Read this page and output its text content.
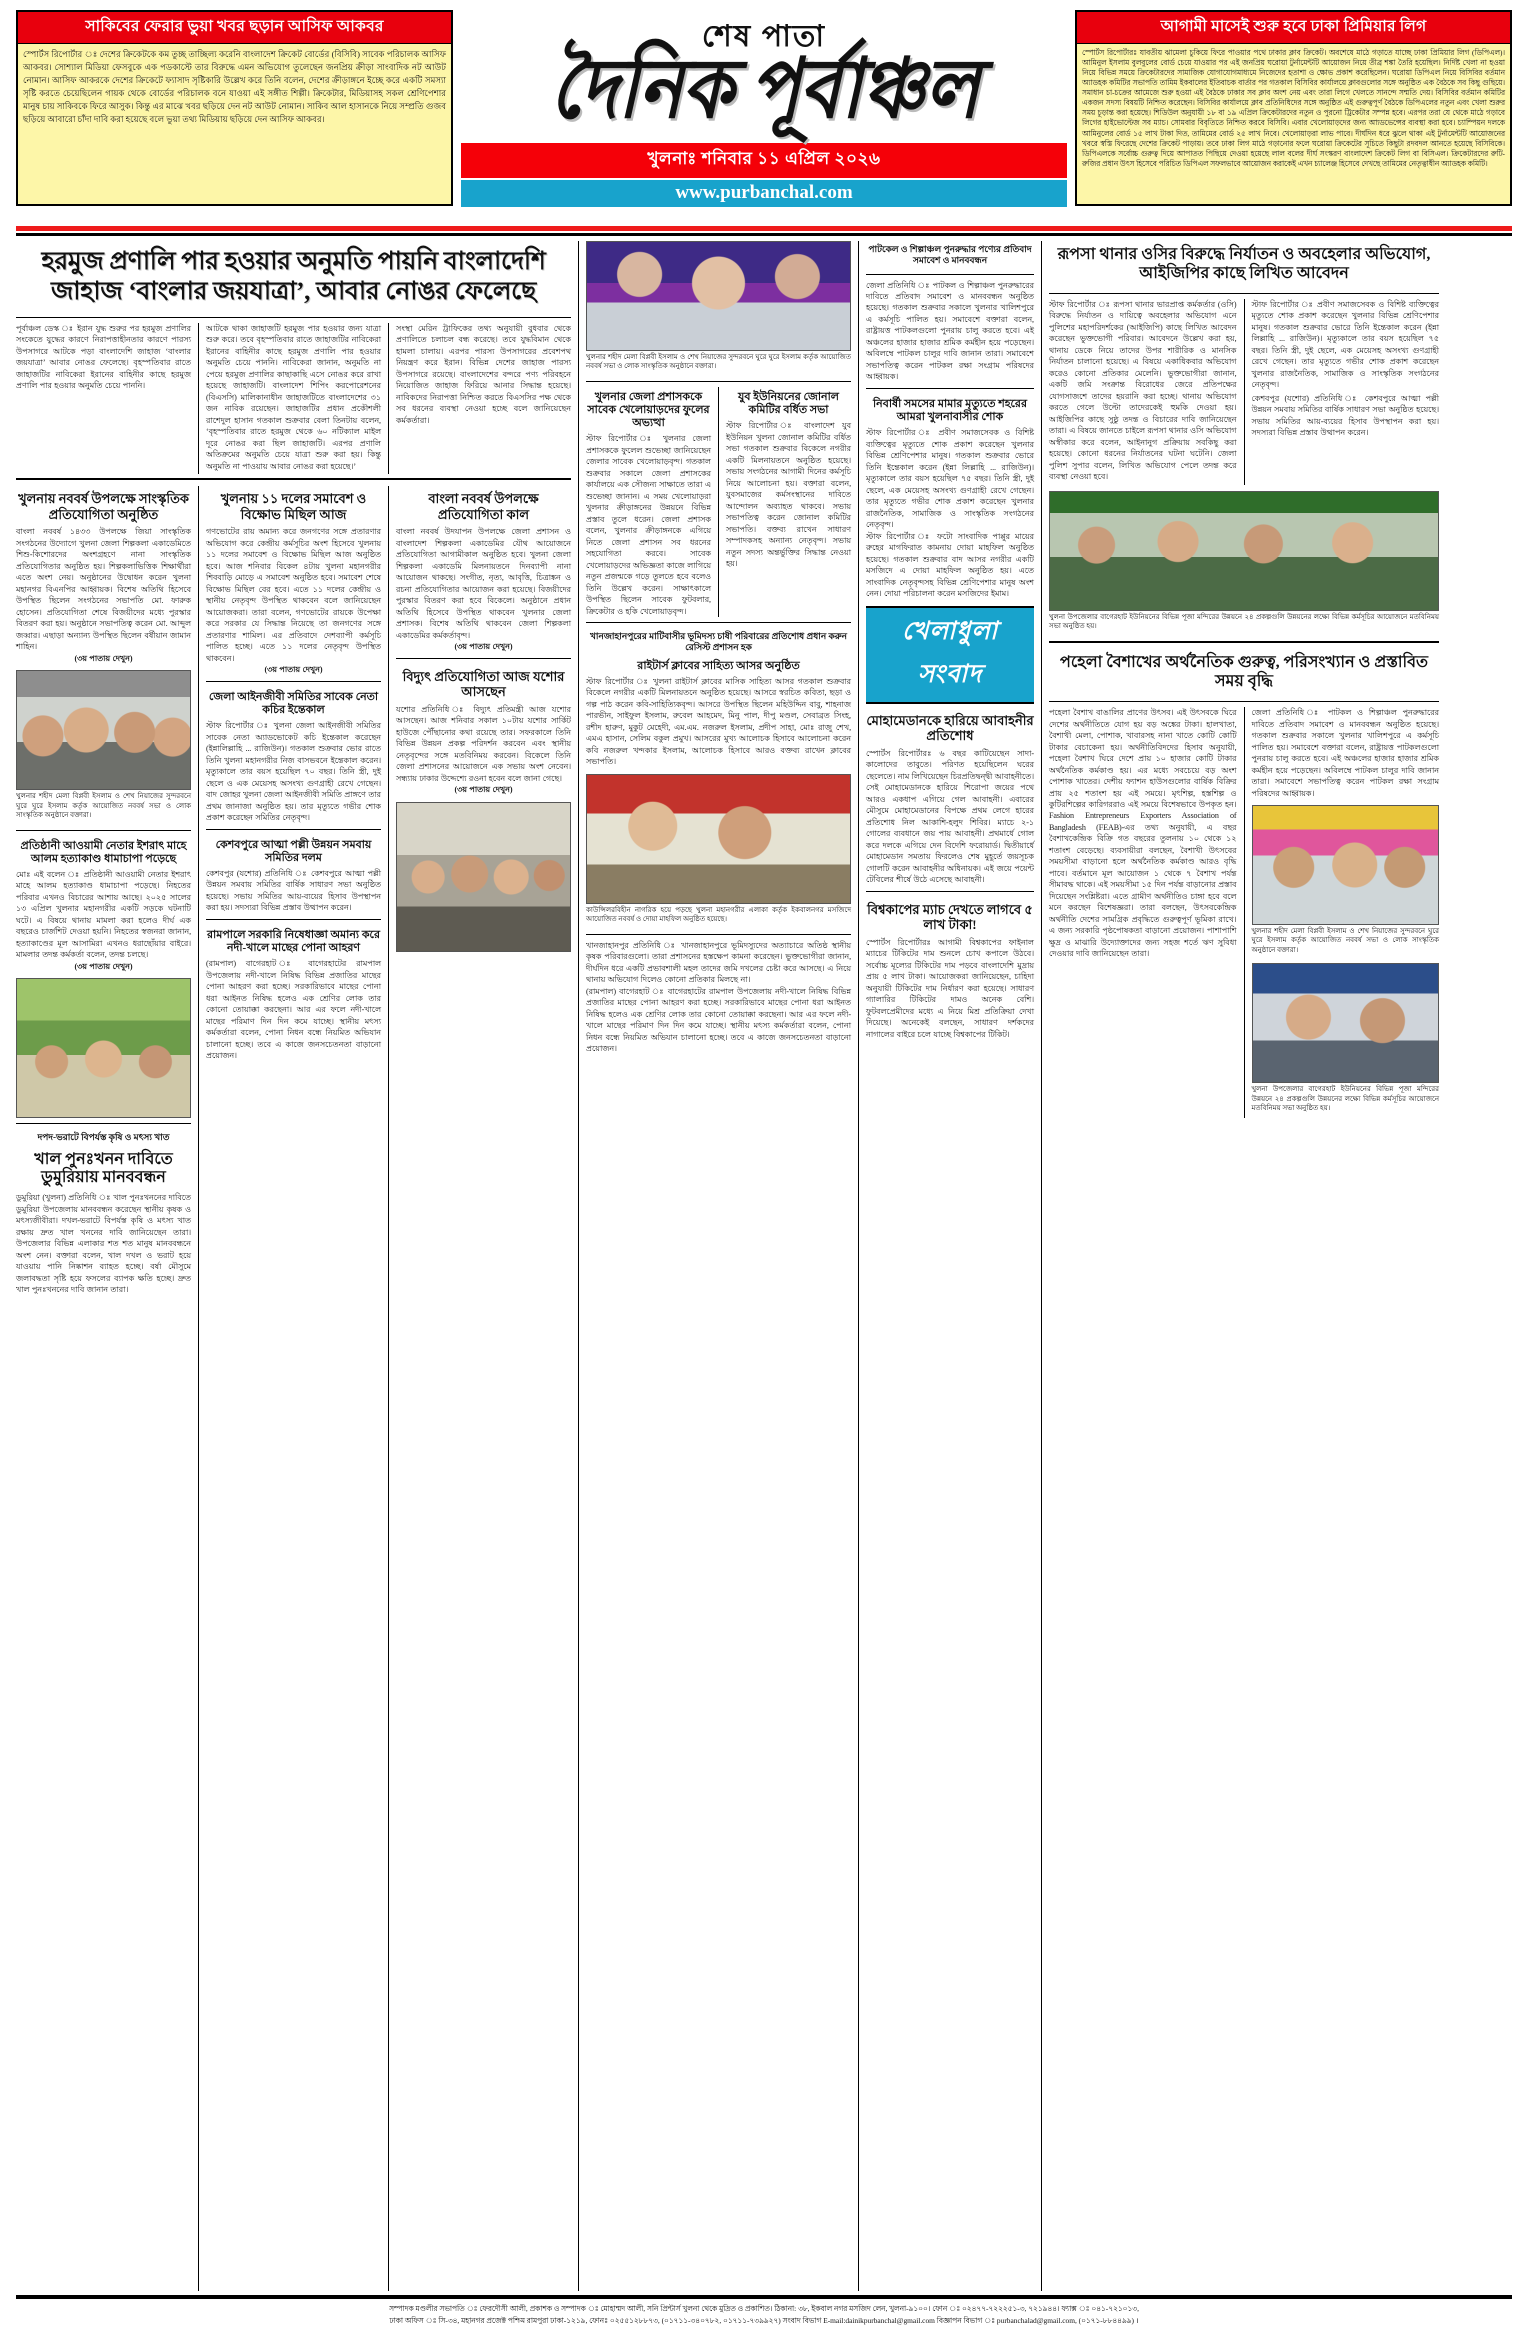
সাকিবের ফেরার ভুয়া খবর ছড়ান আসিফ আকবর
স্পোর্টস রিপোর্টার ঃ দেশের ক্রিকেটকে কম তুচ্ছ তাচ্ছিল্য করেনি বাংলাদেশ ক্রিকেট বোর্ডের (বিসিবি) সাবেক পরিচালক আসিফ আকবর। সোশ্যাল মিডিয়া ফেসবুকে এক পডকাস্টে তার বিরুদ্ধে এমন অভিযোগ তুলেছেন জনপ্রিয় ক্রীড়া সাংবাদিক নট আউট নোমান। আসিফ আকরকে দেশের ক্রিকেটে ফ্যাসাদ সৃষ্টিকারি উল্লেখ করে তিনি বলেন, দেশের ক্রীড়াঙ্গনে ইচ্ছে করে একটি সমস্যা সৃষ্টি করতে চেয়েছিলেন গায়ক থেকে বোর্ডের পরিচালক বনে যাওয়া এই সঙ্গীত শিল্পী। ক্রিকেটার, মিডিয়াসহ সকল শ্রেণিপেশার মানুষ চায় সাকিবকে ফিরে আসুক। কিন্তু এর মাঝে খবর ছড়িয়ে দেন নট আউট নোমান। সাকিব আল হাসানকে নিয়ে সম্প্রতি গুজব ছড়িয়ে আবারো চাঁদা দাবি করা হয়েছে বলে ভুয়া তথ্য মিডিয়ায় ছড়িয়ে দেন আসিফ আকবর।
শেষ পাতা
দৈনিক পূর্বাঞ্চল
খুলনাঃ শনিবার ১১ এপ্রিল ২০২৬
www.purbanchal.com
আগামী মাসেই শুরু হবে ঢাকা প্রিমিয়ার লিগ
স্পোর্টস রিপোর্টারঃ যাবতীয় ঝামেলা চুকিয়ে ফিরে পাওয়ার পথে ঢাকার ক্লাব ক্রিকেট। অবশেষে মাঠে গড়াতে যাচ্ছে ঢাকা প্রিমিয়ার লিগ (ডিপিএল)। আমিনুল ইসলাম বুলবুলের বোর্ড চেয়ে যাওয়ার পর এই জনপ্রিয় ঘরোয়া টুর্নামেন্টটি আয়োজন নিয়ে তীব্র শঙ্কা তৈরি হয়েছিল। নির্দিষ্ট খেলা না হওয়া নিয়ে বিভিন্ন সময়ে ক্রিকেটারদের সামাজিক যোগাযোগমাধ্যমে নিজেদের হতাশা ও ক্ষোভ প্রকাশ করেছিলেন। ঘরোয়া ডিপিএল নিয়ে বিসিবির বর্তমান অ্যাডহক কমিটির সভাপতি তামিম ইকবালের ইতিবাচক বার্তার পর গতকাল বিসিবির কার্যালয়ে ক্লাবগুলোর সঙ্গে অনুষ্ঠিত এক বৈঠকে সব কিছু গুছিয়ে। সমাধান চা-চক্রের আমেজে শুরু হওয়া এই বৈঠকে ঢাকার সব ক্লাব অংশ নেয় এবং তারা লিগে খেলতে সানন্দে সম্মতি দেয়। বিসিবির বর্তমান কমিটির একজন সদস্য বিষয়টি নিশ্চিত করেছেন। বিসিবির কার্যালয়ে ক্লাব প্রতিনিধিদের সঙ্গে অনুষ্ঠিত এই গুরুত্বপূর্ণ বৈঠকে ডিপিএলের নতুন এবং খেলা শুরুর সময় চূড়ান্ত করা হয়েছে। শিডিউল অনুযায়ী ১৮ বা ১৯ এপ্রিল ক্রিকেটারদের নতুন ও পুরনো ট্রিকেটার সম্পন্ন হবে। এরপর তরা যে থেকে মাঠে গড়াবে লিগের হাইভোল্টেজ সব ম্যাচ। সোমবার বিবৃতিতে নিশ্চিত করবে বিসিবি। এবার খেলোয়াড়দের জন্য আ্যডভেন্সের ব্যবস্থা করা হবে। চ্যাম্পিয়ন দলকে আমিনুলের বোর্ড ১৫ লাখ টাকা দিত, তামিমের বোর্ড ২৫ লাখ নিবে। খেলোয়াড়রা লাভ পাবে। দীর্ঘদিন ধরে ঝুলে থাকা এই টুর্নামেন্টটি আয়োজনের খবরে স্বস্তি ফিরেছে দেশের ক্রিকেট পাড়ায়। তবে ঢাকা লিগ মাঠে গড়ানোর ফলে ঘরোয়া ক্রিকেটের সূচিতে কিছুটা রদবদল আনতে হয়েছে বিসিবিকে। ডিপিএলকে সর্বোচ্চ গুরুত্ব দিয়ে আপাতত পিছিয়ে দেওয়া হয়েছে লাল বলের দীর্ঘ সংস্করণ বাংলাদেশ ক্রিকেট লিগ বা বিসিএল। ক্রিকেটারদের রুটি-রুজির প্রধান উৎস হিসেবে পরিচিত ডিপিএল সফলভাবে আয়োজন করাকেই এখন চ্যালেঞ্জ হিসেবে দেখছে তামিমের নেতৃত্বাধীন অ্যাডহক কমিটি।
হরমুজ প্রণালি পার হওয়ার অনুমতি পায়নি বাংলাদেশি জাহাজ ‘বাংলার জয়যাত্রা’, আবার নোঙর ফেলেছে

পূর্বাঞ্চল ডেস্ক ঃ ইরান যুদ্ধ শুরুর পর হরমুজ প্রণালির সংকেতে যুদ্ধের কারণে নিরাপত্তাহীনতার কারণে পারস্য উপসাগরে আটকে পড়া বাংলাদেশি জাহাজ ‘বাংলার জয়যাত্রা’ আবার নোঙর ফেলেছে। বৃহস্পতিবার রাতে জাহাজটির নাবিকেরা ইরানের বাহিনীর কাছে হরমুজ প্রণালি পার হওয়ার অনুমতি চেয়ে পাননি।

আটকে থাকা জাহাজটি হরমুজ পার হওয়ার জন্য যাত্রা শুরু করে। তবে বৃহস্পতিবার রাতে জাহাজটির নাবিকেরা ইরানের বাহিনীর কাছে হরমুজ প্রণালি পার হওয়ার অনুমতি চেয়ে পাননি। নাবিকেরা জানান, অনুমতি না পেয়ে হরমুজ প্রণালির কাছাকাছি এসে নোঙর করে রাখা হয়েছে জাহাজটি। বাংলাদেশ শিপিং করপোরেশনের (বিএসসি) মালিকানাধীন জাহাজটিতে বাংলাদেশের ৩১ জন নাবিক রয়েছেন। জাহাজটির প্রধান প্রকৌশলী রাশেদুল হাসান গতকাল শুক্রবার বেলা তিনটায় বলেন, ‘বৃহস্পতিবার রাতে হরমুজ থেকে ৬০ নটিক্যাল মাইল দূরে নোঙর করা ছিল জাহাজটি। এরপর প্রণালি অতিক্রমের অনুমতি চেয়ে যাত্রা শুরু করা হয়। কিন্তু অনুমতি না পাওয়ায় আবার নোঙর করা হয়েছে।’

সংস্থা মেরিন ট্রাফিকের তথ্য অনুযায়ী বুধবার থেকে প্রণালিতে চলাচল বন্ধ করেছে। তবে যুদ্ধবিমান থেকে হামলা চালায়। এরপর পারস্য উপসাগরের প্রবেশপথ নিয়ন্ত্রণ করে ইরান। বিভিন্ন দেশের জাহাজ পারস্য উপসাগরে রয়েছে। বাংলাদেশের বন্দরে পণ্য পরিবহনে নিয়োজিত জাহাজ ফিরিয়ে আনার সিদ্ধান্ত হয়েছে। নাবিকদের নিরাপত্তা নিশ্চিত করতে বিএসসির পক্ষ থেকে সব ধরনের ব্যবস্থা নেওয়া হচ্ছে বলে জানিয়েছেন কর্মকর্তারা।

খুলনায় নববর্ষ উপলক্ষে সাংস্কৃতিক প্রতিযোগিতা অনুষ্ঠিত
বাংলা নববর্ষ ১৪৩৩ উপলক্ষে জিয়া সাংস্কৃতিক সংগঠনের উদ্যোগে খুলনা জেলা শিল্পকলা একাডেমিতে শিশু-কিশোরদের অংশগ্রহণে নানা সাংস্কৃতিক প্রতিযোগিতার অনুষ্ঠিত হয়। শিল্পকলাভিত্তিক শিক্ষার্থীরা এতে অংশ নেয়। অনুষ্ঠানের উদ্বোধন করেন খুলনা মহানগর বিএনপির আহ্বায়ক। বিশেষ অতিথি হিসেবে উপস্থিত ছিলেন সংগঠনের সভাপতি মো. ফারুক হোসেন। প্রতিযোগিতা শেষে বিজয়ীদের মধ্যে পুরস্কার বিতরণ করা হয়। অনুষ্ঠানে সভাপতিত্ব করেন মো. আব্দুল জব্বার। এছাড়া অন্যান্য উপস্থিত ছিলেন বর্ষীয়ান জামান শাহিন।
(৩য় পাতায় দেখুন)
খুলনার শহীদ মেলা বিপ্লবী ইসলাম ও শেখ নিয়াজের সুন্দরবনে ঘুরে ঘুরে ইসলাম কর্তৃক আয়োজিত নববর্ষ সভা ও লোক সাংস্কৃতিক অনুষ্ঠানে বক্তারা।
প্রতিষ্ঠানী আওয়ামী নেতার ইশরাৎ মাহে আলম হত্যাকাণ্ড ধামাচাপা পড়েছে
মোঃ এই বলেন ঃ প্রতিষ্ঠানী আওয়ামী নেতার ইশরাৎ মাহে আলম হত্যাকাণ্ড ধামাচাপা পড়েছে। নিহতের পরিবার এখনও বিচারের আশায় আছে। ২০২৫ সালের ১৩ এপ্রিল খুলনার মহানগরীর একটি সড়কে ঘটনাটি ঘটে। এ বিষয়ে থানায় মামলা করা হলেও দীর্ঘ এক বছরেও চার্জশিট দেওয়া হয়নি। নিহতের স্বজনরা জানান, হত্যাকাণ্ডের মূল আসামিরা এখনও ধরাছোঁয়ার বাইরে। মামলার তদন্ত কর্মকর্তা বলেন, তদন্ত চলছে।
(৩য় পাতায় দেখুন)
দপদ-ভরাটে বিপর্যস্ত কৃষি ও মৎস্য খাত
খাল পুনঃখনন দাবিতে ডুমুরিয়ায় মানববন্ধন
ডুমুরিয়া (খুলনা) প্রতিনিধি ঃ খাল পুনঃখননের দাবিতে ডুমুরিয়া উপজেলায় মানববন্ধন করেছেন স্থানীয় কৃষক ও মৎস্যজীবীরা। দখল-ভরাটে বিপর্যস্ত কৃষি ও মৎস্য খাত রক্ষায় দ্রুত খাল খননের দাবি জানিয়েছেন তারা। উপজেলার বিভিন্ন এলাকার শত শত মানুষ মানববন্ধনে অংশ নেন। বক্তারা বলেন, খাল দখল ও ভরাট হয়ে যাওয়ায় পানি নিষ্কাশন ব্যাহত হচ্ছে। বর্ষা মৌসুমে জলাবদ্ধতা সৃষ্টি হয়ে ফসলের ব্যাপক ক্ষতি হচ্ছে। দ্রুত খাল পুনঃখননের দাবি জানান তারা।
খুলনায় ১১ দলের সমাবেশ ও বিক্ষোভ মিছিল আজ
গণভোটের রায় অমান্য করে জনগণের সঙ্গে প্রতারণার অভিযোগ করে কেন্দ্রীয় কর্মসূচির অংশ হিসেবে খুলনায় ১১ দলের সমাবেশ ও বিক্ষোভ মিছিল আজ অনুষ্ঠিত হবে। আজ শনিবার বিকেল ৪টায় খুলনা মহানগরীর শিববাড়ি মোড়ে এ সমাবেশ অনুষ্ঠিত হবে। সমাবেশ শেষে বিক্ষোভ মিছিল বের হবে। এতে ১১ দলের কেন্দ্রীয় ও স্থানীয় নেতৃবৃন্দ উপস্থিত থাকবেন বলে জানিয়েছেন আয়োজকরা। তারা বলেন, গণভোটের রায়কে উপেক্ষা করে সরকার যে সিদ্ধান্ত নিয়েছে তা জনগণের সঙ্গে প্রতারণার শামিল। এর প্রতিবাদে দেশব্যাপী কর্মসূচি পালিত হচ্ছে। এতে ১১ দলের নেতৃবৃন্দ উপস্থিত থাকবেন।
(৩য় পাতায় দেখুন)
জেলা আইনজীবী সমিতির সাবেক নেতা কচির ইন্তেকাল
স্টাফ রিপোর্টার ঃ খুলনা জেলা আইনজীবী সমিতির সাবেক নেতা অ্যাডভোকেট কচি ইন্তেকাল করেছেন (ইন্নালিল্লাহি ... রাজিউন)। গতকাল শুক্রবার ভোর রাতে তিনি খুলনা মহানগরীর নিজ বাসভবনে ইন্তেকাল করেন। মৃত্যুকালে তার বয়স হয়েছিল ৭০ বছর। তিনি স্ত্রী, দুই ছেলে ও এক মেয়েসহ অসংখ্য গুণগ্রাহী রেখে গেছেন। বাদ জোহর খুলনা জেলা আইনজীবী সমিতি প্রাঙ্গণে তার প্রথম জানাজা অনুষ্ঠিত হয়। তার মৃত্যুতে গভীর শোক প্রকাশ করেছেন সমিতির নেতৃবৃন্দ।
কেশবপুরে আত্মা পল্লী উন্নয়ন সমবায় সমিতির দলম
কেশবপুর (যশোর) প্রতিনিধি ঃ কেশবপুরে আত্মা পল্লী উন্নয়ন সমবায় সমিতির বার্ষিক সাধারণ সভা অনুষ্ঠিত হয়েছে। সভায় সমিতির আয়-ব্যয়ের হিসাব উপস্থাপন করা হয়। সদস্যরা বিভিন্ন প্রস্তাব উত্থাপন করেন।
রামপালে সরকারি নিষেধাজ্ঞা অমান্য করে নদী-খালে মাছের পোনা আহরণ
(রামপাল) বাগেরহাট ঃ বাগেরহাটের রামপাল উপজেলায় নদী-খালে নিষিদ্ধ বিভিন্ন প্রজাতির মাছের পোনা আহরণ করা হচ্ছে। সরকারিভাবে মাছের পোনা ধরা আইনত নিষিদ্ধ হলেও এক শ্রেণির লোক তার কোনো তোয়াক্কা করছেনা। আর এর ফলে নদী-খালে মাছের পরিমাণ দিন দিন কমে যাচ্ছে। স্থানীয় মৎস্য কর্মকর্তারা বলেন, পোনা নিধন বন্ধে নিয়মিত অভিযান চালানো হচ্ছে। তবে এ কাজে জনসচেতনতা বাড়ানো প্রয়োজন।
বাংলা নববর্ষ উপলক্ষে প্রতিযোগিতা কাল
বাংলা নববর্ষ উদযাপন উপলক্ষে জেলা প্রশাসন ও বাংলাদেশ শিল্পকলা একাডেমির যৌথ আয়োজনে প্রতিযোগিতা আগামীকাল অনুষ্ঠিত হবে। খুলনা জেলা শিল্পকলা একাডেমি মিলনায়তনে দিনব্যাপী নানা আয়োজন থাকছে। সংগীত, নৃত্য, আবৃত্তি, চিত্রাঙ্কন ও রচনা প্রতিযোগিতার আয়োজন করা হয়েছে। বিজয়ীদের পুরস্কার বিতরণ করা হবে বিকেলে। অনুষ্ঠানে প্রধান অতিথি হিসেবে উপস্থিত থাকবেন খুলনার জেলা প্রশাসক। বিশেষ অতিথি থাকবেন জেলা শিল্পকলা একাডেমির কর্মকর্তাবৃন্দ।
(৩য় পাতায় দেখুন)
বিদ্যুৎ প্রতিযোগিতা আজ যশোর আসছেন
যশোর প্রতিনিধি ঃ বিদ্যুৎ প্রতিমন্ত্রী আজ যশোর আসছেন। আজ শনিবার সকাল ১০টায় যশোর সার্কিট হাউজে পৌঁছানোর কথা রয়েছে তার। সফরকালে তিনি বিভিন্ন উন্নয়ন প্রকল্প পরিদর্শন করবেন এবং স্থানীয় নেতৃবৃন্দের সঙ্গে মতবিনিময় করবেন। বিকেলে তিনি জেলা প্রশাসনের আয়োজনে এক সভায় অংশ নেবেন। সন্ধ্যায় ঢাকার উদ্দেশ্যে রওনা হবেন বলে জানা গেছে।
(৩য় পাতায় দেখুন)
খুলনার শহীদ মেলা বিপ্লবী ইসলাম ও শেখ নিয়াজের সুন্দরবনে ঘুরে ঘুরে ইসলাম কর্তৃক আয়োজিত নববর্ষ সভা ও লোক সাংস্কৃতিক অনুষ্ঠানে বক্তারা।
খুলনার জেলা প্রশাসককে সাবেক খেলোয়াড়দের ফুলের অভ্যত্থা
স্টাফ রিপোর্টার ঃ খুলনার জেলা প্রশাসককে ফুলেল শুভেচ্ছা জানিয়েছেন জেলার সাবেক খেলোয়াড়বৃন্দ। গতকাল শুক্রবার সকালে জেলা প্রশাসকের কার্যালয়ে এক সৌজন্য সাক্ষাতে তারা এ শুভেচ্ছা জানান। এ সময় খেলোয়াড়রা খুলনার ক্রীড়াঙ্গনের উন্নয়নে বিভিন্ন প্রস্তাব তুলে ধরেন। জেলা প্রশাসক বলেন, খুলনার ক্রীড়াঙ্গনকে এগিয়ে নিতে জেলা প্রশাসন সব ধরনের সহযোগিতা করবে। সাবেক খেলোয়াড়দের অভিজ্ঞতা কাজে লাগিয়ে নতুন প্রজন্মকে গড়ে তুলতে হবে বলেও তিনি উল্লেখ করেন। সাক্ষাৎকালে উপস্থিত ছিলেন সাবেক ফুটবলার, ক্রিকেটার ও হকি খেলোয়াড়বৃন্দ।
যুব ইউনিয়নের জোনাল কমিটির বর্ধিত সভা
স্টাফ রিপোর্টার ঃ বাংলাদেশ যুব ইউনিয়ন খুলনা জোনাল কমিটির বর্ধিত সভা গতকাল শুক্রবার বিকেলে নগরীর একটি মিলনায়তনে অনুষ্ঠিত হয়েছে। সভায় সংগঠনের আগামী দিনের কর্মসূচি নিয়ে আলোচনা হয়। বক্তারা বলেন, যুবসমাজের কর্মসংস্থানের দাবিতে আন্দোলন অব্যাহত থাকবে। সভায় সভাপতিত্ব করেন জোনাল কমিটির সভাপতি। বক্তব্য রাখেন সাধারণ সম্পাদকসহ অন্যান্য নেতৃবৃন্দ। সভায় নতুন সদস্য অন্তর্ভুক্তির সিদ্ধান্ত নেওয়া হয়।
খানজাহানপুরের মাটিবাসীর ভূমিদস্য চাষী পরিবারের প্রতিশোধ প্রধান করুন রেসিস্ট প্রশাসন হক
রাইটার্স ক্লাবের সাহিত্য আসর অনুষ্ঠিত
স্টাফ রিপোর্টার ঃ খুলনা রাইটার্স ক্লাবের মাসিক সাহিত্য আসর গতকাল শুক্রবার বিকেলে নগরীর একটি মিলনায়তনে অনুষ্ঠিত হয়েছে। আসরে স্বরচিত কবিতা, ছড়া ও গল্প পাঠ করেন কবি-সাহিত্যিকবৃন্দ। আসরে উপস্থিত ছিলেন মহিউদ্দিন বাবু, শাহনাজ পারভীন, সাইফুল ইসলাম, রুবেল আহমেদ, মিনু পাল, দীপু মণ্ডল, সেবাব্রত সিংহ, রশীদ হারুণ, মুকুট মেহেদী, এম.এম. নজরুল ইসলাম, প্রদীপ সাহা, মোঃ রাজু শেখ, এমএ হাসান, সেলিম বকুল প্রমুখ। আসরের মুখ্য আলোচক হিসাবে আলোচনা করেন কবি নজরুল খন্দকার ইসলাম, আলোচক হিসাবে আরও বক্তব্য রাখেন ক্লাবের সভাপতি।
কাউন্সিলরবিহীন নাগরিক হয়ে পড়ছে খুলনা মহানগরীর এলাকা কর্তৃক ইকবালনগর মসজিদে আয়োজিত নববর্ষ ও দোয়া মাহফিল অনুষ্ঠিত হয়েছে।
খানজাহানপুর প্রতিনিধি ঃ খানজাহানপুরে ভূমিদস্যুদের অত্যাচারে অতিষ্ঠ স্থানীয় কৃষক পরিবারগুলো। তারা প্রশাসনের হস্তক্ষেপ কামনা করেছেন। ভুক্তভোগীরা জানান, দীর্ঘদিন ধরে একটি প্রভাবশালী মহল তাদের জমি দখলের চেষ্টা করে আসছে। এ নিয়ে থানায় অভিযোগ দিলেও কোনো প্রতিকার মিলছে না।
(রামপাল) বাগেরহাট ঃ বাগেরহাটের রামপাল উপজেলায় নদী-খালে নিষিদ্ধ বিভিন্ন প্রজাতির মাছের পোনা আহরণ করা হচ্ছে। সরকারিভাবে মাছের পোনা ধরা আইনত নিষিদ্ধ হলেও এক শ্রেণির লোক তার কোনো তোয়াক্কা করছেনা। আর এর ফলে নদী-খালে মাছের পরিমাণ দিন দিন কমে যাচ্ছে। স্থানীয় মৎস্য কর্মকর্তারা বলেন, পোনা নিধন বন্ধে নিয়মিত অভিযান চালানো হচ্ছে। তবে এ কাজে জনসচেতনতা বাড়ানো প্রয়োজন।
পাটকেল ও শিল্পাঞ্চল পুনরুদ্ধার পণ্যের প্রতিবাদ সমাবেশ ও মানববন্ধন
জেলা প্রতিনিধি ঃ পাটকল ও শিল্পাঞ্চল পুনরুদ্ধারের দাবিতে প্রতিবাদ সমাবেশ ও মানববন্ধন অনুষ্ঠিত হয়েছে। গতকাল শুক্রবার সকালে খুলনার খালিশপুরে এ কর্মসূচি পালিত হয়। সমাবেশে বক্তারা বলেন, রাষ্ট্রায়ত্ত পাটকলগুলো পুনরায় চালু করতে হবে। এই অঞ্চলের হাজার হাজার শ্রমিক কর্মহীন হয়ে পড়েছেন। অবিলম্বে পাটকল চালুর দাবি জানান তারা। সমাবেশে সভাপতিত্ব করেন পাটকল রক্ষা সংগ্রাম পরিষদের আহ্বায়ক।
নিবার্ষী সমসের মামার মৃত্যুতে শহরের আমরা খুলনাবাসীর শোক
স্টাফ রিপোর্টার ঃ প্রবীণ সমাজসেবক ও বিশিষ্ট ব্যক্তিত্বের মৃত্যুতে শোক প্রকাশ করেছেন খুলনার বিভিন্ন শ্রেণিপেশার মানুষ। গতকাল শুক্রবার ভোরে তিনি ইন্তেকাল করেন (ইন্না লিল্লাহি ... রাজিউন)। মৃত্যুকালে তার বয়স হয়েছিল ৭৫ বছর। তিনি স্ত্রী, দুই ছেলে, এক মেয়েসহ অসংখ্য গুণগ্রাহী রেখে গেছেন। তার মৃত্যুতে গভীর শোক প্রকাশ করেছেন খুলনার রাজনৈতিক, সামাজিক ও সাংস্কৃতিক সংগঠনের নেতৃবৃন্দ।
স্টাফ রিপোর্টার ঃ ফটো সাংবাদিক পাপ্পুর মায়ের রুহের মাগফিরাত কামনায় দোয়া মাহফিল অনুষ্ঠিত হয়েছে। গতকাল শুক্রবার বাদ আসর নগরীর একটি মসজিদে এ দোয়া মাহফিল অনুষ্ঠিত হয়। এতে সাংবাদিক নেতৃবৃন্দসহ বিভিন্ন শ্রেণিপেশার মানুষ অংশ নেন। দোয়া পরিচালনা করেন মসজিদের ইমাম।
খেলাধুলা সংবাদ
মোহামেডানকে হারিয়ে আবাহনীর প্রতিশোধ
স্পোর্টস রিপোর্টারঃ ৬ বছর কাটিয়েছেন সাদা-কালোদের তাবুতে। পরিণত হয়েছিলেন ঘরের ছেলেতে। নাম লিখিয়েছেন চিরপ্রতিদ্বন্দ্বী আবাহনীতে। সেই মোহামেডানকে হারিয়ে শিরোপা জয়ের পথে আরও একধাপ এগিয়ে গেল আবাহনী। এবারের মৌসুমে মোহামেডানের বিপক্ষে প্রথম লেগে হারের প্রতিশোধ নিল আকাশি-হলুদ শিবির। ম্যাচে ২-১ গোলের ব্যবধানে জয় পায় আবাহনী। প্রথমার্ধে গোল করে দলকে এগিয়ে দেন বিদেশি ফরোয়ার্ড। দ্বিতীয়ার্ধে মোহামেডান সমতায় ফিরলেও শেষ মুহূর্তে জয়সূচক গোলটি করেন আবাহনীর অধিনায়ক। এই জয়ে পয়েন্ট টেবিলের শীর্ষে উঠে এসেছে আবাহনী।
বিশ্বকাপের ম্যাচ দেখতে লাগবে ৫ লাখ টাকা!
স্পোর্টস রিপোর্টারঃ আগামী বিশ্বকাপের ফাইনাল ম্যাচের টিকিটের দাম শুনলে চোখ কপালে উঠবে। সর্বোচ্চ মূল্যের টিকিটের দাম পড়বে বাংলাদেশি মুদ্রায় প্রায় ৫ লাখ টাকা। আয়োজকরা জানিয়েছেন, চাহিদা অনুযায়ী টিকিটের দাম নির্ধারণ করা হয়েছে। সাধারণ গ্যালারির টিকিটের দামও অনেক বেশি। ফুটবলপ্রেমীদের মধ্যে এ নিয়ে মিশ্র প্রতিক্রিয়া দেখা দিয়েছে। অনেকেই বলছেন, সাধারণ দর্শকদের নাগালের বাইরে চলে যাচ্ছে বিশ্বকাপের টিকিট।
রূপসা থানার ওসির বিরুদ্ধে নির্যাতন ও অবহেলার অভিযোগ, আইজিপির কাছে লিখিত আবেদন

স্টাফ রিপোর্টার ঃ রূপসা থানার ভারপ্রাপ্ত কর্মকর্তার (ওসি) বিরুদ্ধে নির্যাতন ও দায়িত্বে অবহেলার অভিযোগ এনে পুলিশের মহাপরিদর্শকের (আইজিপি) কাছে লিখিত আবেদন করেছেন ভুক্তভোগী পরিবার। আবেদনে উল্লেখ করা হয়, থানায় ডেকে নিয়ে তাদের উপর শারীরিক ও মানসিক নির্যাতন চালানো হয়েছে। এ বিষয়ে একাধিকবার অভিযোগ করেও কোনো প্রতিকার মেলেনি। ভুক্তভোগীরা জানান, একটি জমি সংক্রান্ত বিরোধের জেরে প্রতিপক্ষের যোগসাজশে তাদের হয়রানি করা হচ্ছে। থানায় অভিযোগ করতে গেলে উল্টো তাদেরকেই হুমকি দেওয়া হয়। আইজিপির কাছে সুষ্ঠু তদন্ত ও বিচারের দাবি জানিয়েছেন তারা। এ বিষয়ে জানতে চাইলে রূপসা থানার ওসি অভিযোগ অস্বীকার করে বলেন, আইনানুগ প্রক্রিয়ায় সবকিছু করা হয়েছে। কোনো ধরনের নির্যাতনের ঘটনা ঘটেনি। জেলা পুলিশ সুপার বলেন, লিখিত অভিযোগ পেলে তদন্ত করে ব্যবস্থা নেওয়া হবে।

স্টাফ রিপোর্টার ঃ প্রবীণ সমাজসেবক ও বিশিষ্ট ব্যক্তিত্বের মৃত্যুতে শোক প্রকাশ করেছেন খুলনার বিভিন্ন শ্রেণিপেশার মানুষ। গতকাল শুক্রবার ভোরে তিনি ইন্তেকাল করেন (ইন্না লিল্লাহি ... রাজিউন)। মৃত্যুকালে তার বয়স হয়েছিল ৭৫ বছর। তিনি স্ত্রী, দুই ছেলে, এক মেয়েসহ অসংখ্য গুণগ্রাহী রেখে গেছেন। তার মৃত্যুতে গভীর শোক প্রকাশ করেছেন খুলনার রাজনৈতিক, সামাজিক ও সাংস্কৃতিক সংগঠনের নেতৃবৃন্দ।

কেশবপুর (যশোর) প্রতিনিধি ঃ কেশবপুরে আত্মা পল্লী উন্নয়ন সমবায় সমিতির বার্ষিক সাধারণ সভা অনুষ্ঠিত হয়েছে। সভায় সমিতির আয়-ব্যয়ের হিসাব উপস্থাপন করা হয়। সদস্যরা বিভিন্ন প্রস্তাব উত্থাপন করেন।

খুলনা উপজেলার বাগেরহাট ইউনিয়নের বিভিন্ন পূজা মন্দিরের উন্নয়নে ২৪ প্রকল্পগুলি উন্নয়নের লক্ষ্যে বিভিন্ন কর্মসূচির আয়োজনে মতবিনিময় সভা অনুষ্ঠিত হয়।
পহেলা বৈশাখের অর্থনৈতিক গুরুত্ব, পরিসংখ্যান ও প্রস্তাবিত সময় বৃদ্ধি

পহেলা বৈশাখ বাঙালির প্রাণের উৎসব। এই উৎসবকে ঘিরে দেশের অর্থনীতিতে যোগ হয় বড় অঙ্কের টাকা। হালখাতা, বৈশাখী মেলা, পোশাক, খাবারসহ নানা খাতে কোটি কোটি টাকার বেচাকেনা হয়। অর্থনীতিবিদদের হিসাব অনুযায়ী, পহেলা বৈশাখ ঘিরে দেশে প্রায় ১০ হাজার কোটি টাকার অর্থনৈতিক কর্মকাণ্ড হয়। এর মধ্যে সবচেয়ে বড় অংশ পোশাক খাতের। দেশীয় ফ্যাশন হাউসগুলোর বার্ষিক বিক্রির প্রায় ২৫ শতাংশ হয় এই সময়ে। মৃৎশিল্প, হস্তশিল্প ও কুটিরশিল্পের কারিগররাও এই সময়ে বিশেষভাবে উপকৃত হন। Fashion Entrepreneurs Exporters Association of Bangladesh (FEAB)-এর তথ্য অনুযায়ী, এ বছর বৈশাখকেন্দ্রিক বিক্রি গত বছরের তুলনায় ১০ থেকে ১২ শতাংশ বেড়েছে। ব্যবসায়ীরা বলছেন, বৈশাখী উৎসবের সময়সীমা বাড়ানো হলে অর্থনৈতিক কর্মকাণ্ড আরও বৃদ্ধি পাবে। বর্তমানে মূল আয়োজন ১ থেকে ৭ বৈশাখ পর্যন্ত সীমাবদ্ধ থাকে। এই সময়সীমা ১৫ দিন পর্যন্ত বাড়ানোর প্রস্তাব দিয়েছেন সংশ্লিষ্টরা। এতে গ্রামীণ অর্থনীতিও চাঙ্গা হবে বলে মনে করছেন বিশেষজ্ঞরা। তারা বলছেন, উৎসবকেন্দ্রিক অর্থনীতি দেশের সামগ্রিক প্রবৃদ্ধিতে গুরুত্বপূর্ণ ভূমিকা রাখে। এ জন্য সরকারি পৃষ্ঠপোষকতা বাড়ানো প্রয়োজন। পাশাপাশি ক্ষুদ্র ও মাঝারি উদ্যোক্তাদের জন্য সহজ শর্তে ঋণ সুবিধা দেওয়ার দাবি জানিয়েছেন তারা।

জেলা প্রতিনিধি ঃ পাটকল ও শিল্পাঞ্চল পুনরুদ্ধারের দাবিতে প্রতিবাদ সমাবেশ ও মানববন্ধন অনুষ্ঠিত হয়েছে। গতকাল শুক্রবার সকালে খুলনার খালিশপুরে এ কর্মসূচি পালিত হয়। সমাবেশে বক্তারা বলেন, রাষ্ট্রায়ত্ত পাটকলগুলো পুনরায় চালু করতে হবে। এই অঞ্চলের হাজার হাজার শ্রমিক কর্মহীন হয়ে পড়েছেন। অবিলম্বে পাটকল চালুর দাবি জানান তারা। সমাবেশে সভাপতিত্ব করেন পাটকল রক্ষা সংগ্রাম পরিষদের আহ্বায়ক।
খুলনার শহীদ মেলা বিপ্লবী ইসলাম ও শেখ নিয়াজের সুন্দরবনে ঘুরে ঘুরে ইসলাম কর্তৃক আয়োজিত নববর্ষ সভা ও লোক সাংস্কৃতিক অনুষ্ঠানে বক্তারা।
খুলনা উপজেলার বাগেরহাট ইউনিয়নের বিভিন্ন পূজা মন্দিরের উন্নয়নে ২৪ প্রকল্পগুলি উন্নয়নের লক্ষ্যে বিভিন্ন কর্মসূচির আয়োজনে মতবিনিময় সভা অনুষ্ঠিত হয়।
সম্পাদক মণ্ডলীর সভাপতি ঃ ফেরদৌসী আলী, প্রকাশক ও সম্পাদক ঃ মোহাম্মদ আলী, সনি প্রিন্টার্স খুলনা থেকে মুদ্রিত ও প্রকাশিত। ঠিকানা: ৩৮, ইকবাল নগর মসজিদ লেন, খুলনা-৯১০০। ফোন ঃ ০২৪৭৭-৭২২২৫১-৩, ৭২১৯৪৪। ফ্যাক্স ঃ ০৪১-৭২১০১৩,
ঢাকা অফিস ঃ সি-৩৪, মহানগর প্রজেক্ট পশ্চিম রামপুরা ঢাকা-১২১৯, ফোনঃ ০২৫৫১২৮৮৭৩, (০১৭১১-৩৪০৭৮২, ০১৭১১-৭৩৯৯২৭) সংবাদ বিভাগ E-mail:dainikpurbanchal@gmail.com বিজ্ঞাপন বিভাগ ঃ purbanchalad@gmail.com, (০১৭১-৮৮৪৪৯৯) ।
